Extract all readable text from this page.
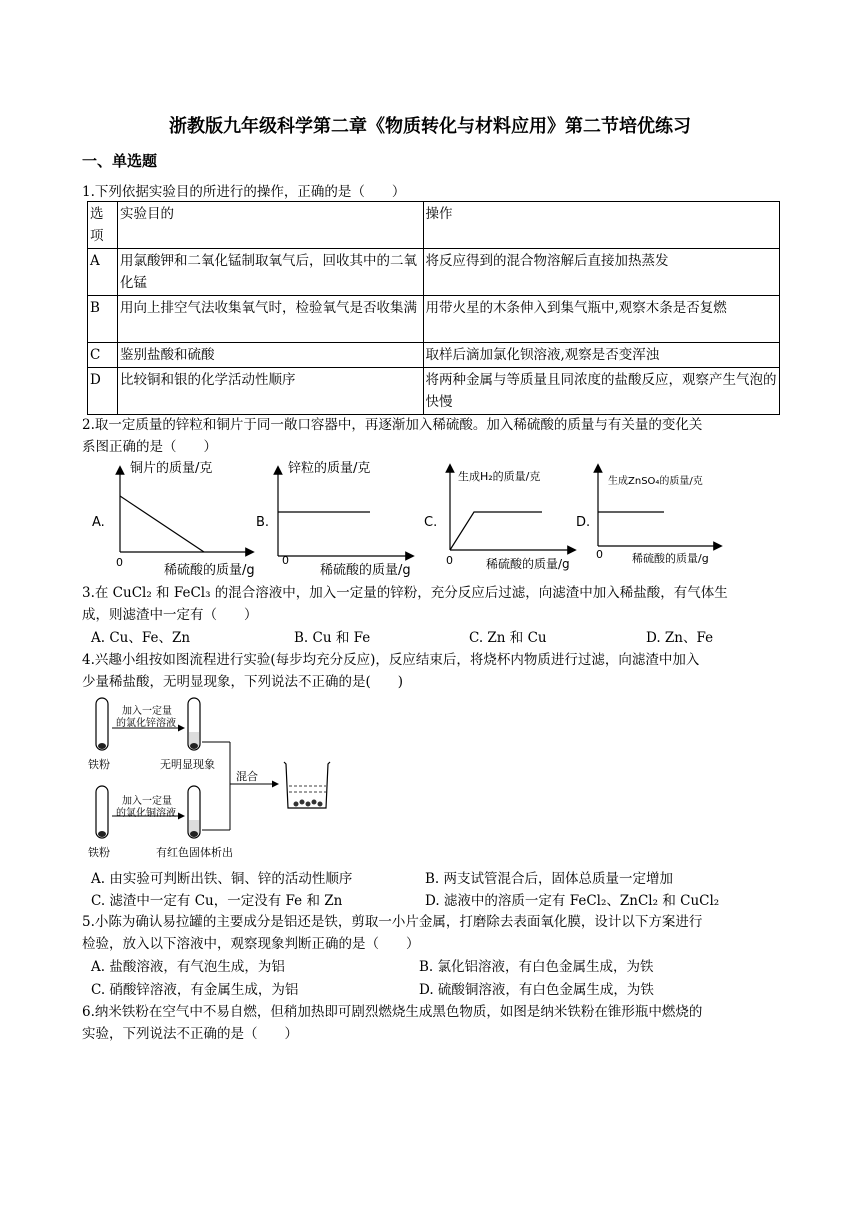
浙教版九年级科学第二章《物质转化与材料应用》第二节培优练习
一、单选题
1.下列依据实验目的所进行的操作，正确的是（　　）
选项	实验目的	操作
A	用氯酸钾和二氧化锰制取氧气后，回收其中的二氧化锰	将反应得到的混合物溶解后直接加热蒸发
B	用向上排空气法收集氧气时，检验氧气是否收集满	用带火星的木条伸入到集气瓶中,观察木条是否复燃
C	鉴别盐酸和硫酸	取样后滴加氯化钡溶液,观察是否变浑浊
D	比较铜和银的化学活动性顺序	将两种金属与等质量且同浓度的盐酸反应，观察产生气泡的快慢
2.取一定质量的锌粒和铜片于同一敞口容器中，再逐渐加入稀硫酸。加入稀硫酸的质量与有关量的变化关
系图正确的是（　　）
A.
铜片的质量/克
0
稀硫酸的质量/g
B.
锌粒的质量/克
0
稀硫酸的质量/g
C.
生成H₂的质量/克
0	稀硫酸的质量/g
D.
生成ZnSO₄的质量/克
0	稀硫酸的质量/g
3.在 CuCl₂ 和 FeCl₃ 的混合溶液中，加入一定量的锌粉，充分反应后过滤，向滤渣中加入稀盐酸，有气体生
成，则滤渣中一定有（　　）
A. Cu、Fe、Zn	B. Cu 和 Fe	C. Zn 和 Cu	D. Zn、Fe
4.兴趣小组按如图流程进行实验(每步均充分反应)，反应结束后，将烧杯内物质进行过滤，向滤渣中加入
少量稀盐酸，无明显现象，下列说法不正确的是(　　)
铁粉
加入一定量
的氯化锌溶液
无明显现象
铁粉
加入一定量
的氯化铜溶液
有红色固体析出
混合
A. 由实验可判断出铁、铜、锌的活动性顺序	B. 两支试管混合后，固体总质量一定增加
C. 滤渣中一定有 Cu，一定没有 Fe 和 Zn	D. 滤液中的溶质一定有 FeCl₂、ZnCl₂ 和 CuCl₂
5.小陈为确认易拉罐的主要成分是铝还是铁，剪取一小片金属，打磨除去表面氧化膜，设计以下方案进行
检验，放入以下溶液中，观察现象判断正确的是（　　）
A. 盐酸溶液，有气泡生成，为铝	B. 氯化铝溶液，有白色金属生成，为铁
C. 硝酸锌溶液，有金属生成，为铝	D. 硫酸铜溶液，有白色金属生成，为铁
6.纳米铁粉在空气中不易自燃，但稍加热即可剧烈燃烧生成黑色物质，如图是纳米铁粉在锥形瓶中燃烧的
实验，下列说法不正确的是（　　）
